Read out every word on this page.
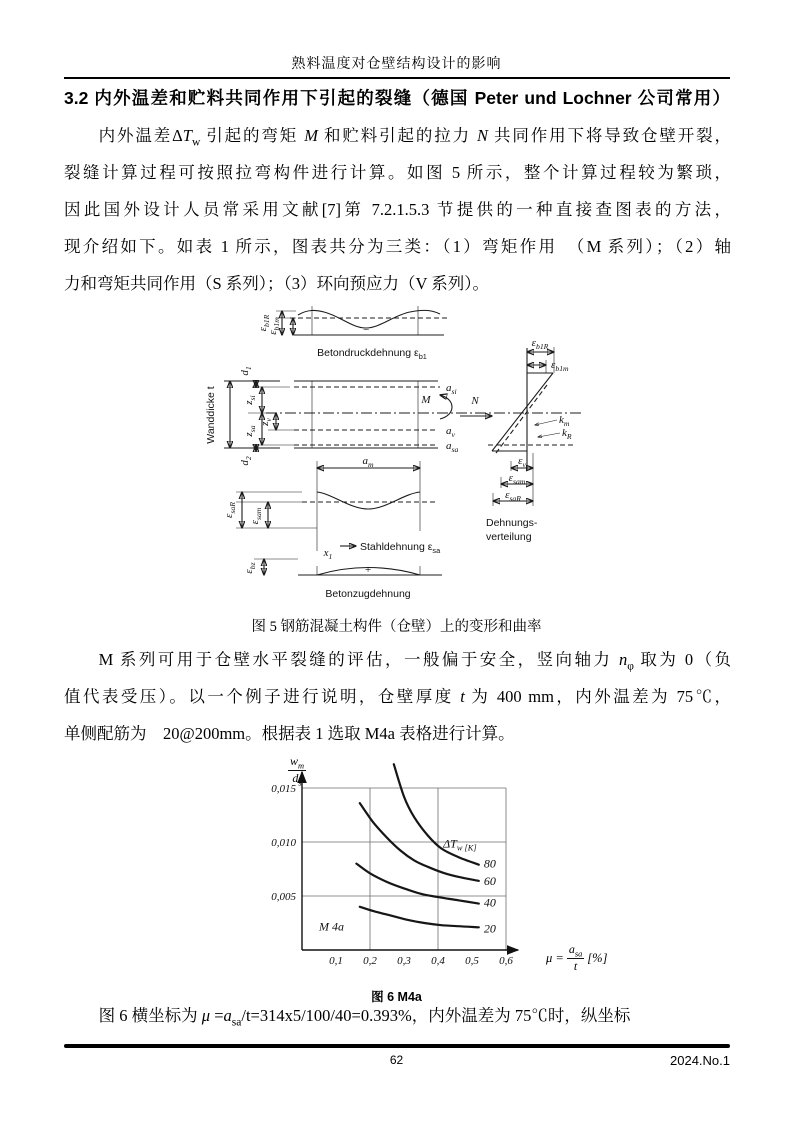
熟料温度对仓壁结构设计的影响
3.2 内外温差和贮料共同作用下引起的裂缝（德国 Peter und Lochner 公司常用）
内外温差$\Delta T_w$ 引起的弯矩 M 和贮料引起的拉力 N 共同作用下将导致仓壁开裂，
裂缝计算过程可按照拉弯构件进行计算。如图 5 所示，整个计算过程较为繁琐，
因此国外设计人员常采用文献[7]第 7.2.1.5.3 节提供的一种直接查图表的方法，
现介绍如下。如表 1 所示，图表共分为三类：（1）弯矩作用　（M 系列）；（2）轴
力和弯矩共同作用（S 系列）；（3）环向预应力（V 系列）。
−
$\varepsilon_{b1R}$
$\varepsilon_{b1m}$
Betondruckdehnung $\varepsilon_{b1}$
$a_{si}$
$a_v$
$a_{sa}$
Wanddicke t
$d_1$
$z_{si}$
$z_v$
$z_{sa}$
$d_2$
M	N
$\varepsilon_{b1R}$
$\varepsilon_{b1m}$
$k_m$
$k_R$
$\varepsilon_v$
$\varepsilon_{sam}$
$\varepsilon_{saR}$
Dehnungs-
verteilung
$a_m$
$\varepsilon_{saR}$
$\varepsilon_{sam}$
$x_1$
Stahldehnung $\varepsilon_{sa}$
+
$\varepsilon_{bz}$
Betonzugdehnung
图 5 钢筋混凝土构件（仓壁）上的变形和曲率
M 系列可用于仓壁水平裂缝的评估，一般偏于安全，竖向轴力 $n_\varphi$ 取为 0（负
值代表受压）。以一个例子进行说明，仓壁厚度 t 为 400 mm，内外温差为 75℃，
单侧配筋为　20@200mm。根据表 1 选取 M4a 表格进行计算。
0,1 0,2 0,3 0,4 0,5 0,6
0,005
0,010
0,015
80
60
40
20
$\Delta T_{w [K]}$
M 4a
$\frac{w_m}{d_s}$
$\mu = \frac{a_{sa}}{t}$ [%]
图 6 M4a
图 6 横坐标为 $\mu =a_{sa}/t=314x5/100/40=0.393\%$，内外温差为 75℃时，纵坐标
62	2024.No.1
